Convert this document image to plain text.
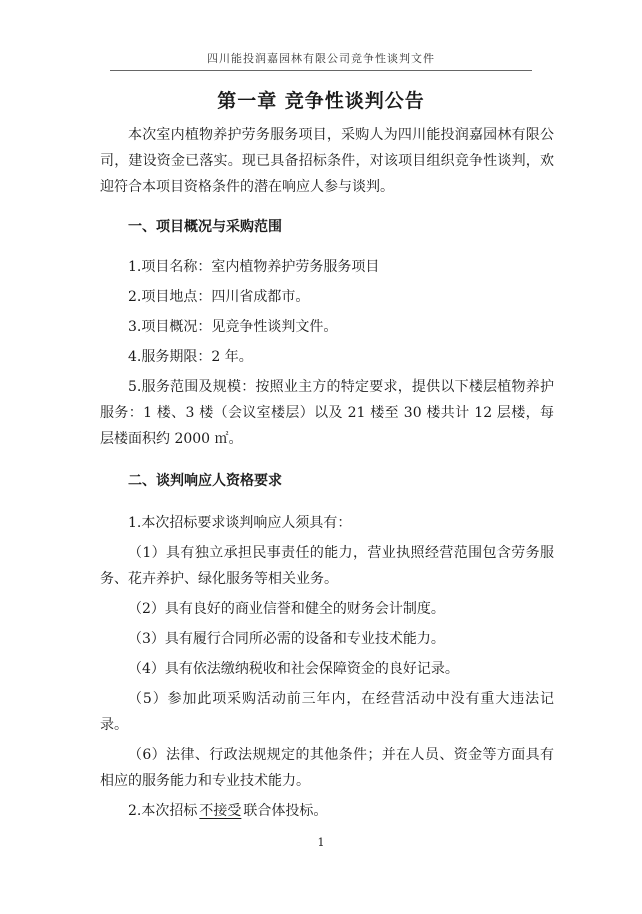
四川能投润嘉园林有限公司竞争性谈判文件
第一章 竞争性谈判公告

本次室内植物养护劳务服务项目，采购人为四川能投润嘉园林有限公司，建设资金已落实。现已具备招标条件，对该项目组织竞争性谈判，欢迎符合本项目资格条件的潜在响应人参与谈判。

一、项目概况与采购范围

1.项目名称：室内植物养护劳务服务项目

2.项目地点：四川省成都市。

3.项目概况：见竞争性谈判文件。

4.服务期限：2 年。

5.服务范围及规模：按照业主方的特定要求，提供以下楼层植物养护服务：1 楼、3 楼（会议室楼层）以及 21 楼至 30 楼共计 12 层楼，每层楼面积约 2000 ㎡。

二、谈判响应人资格要求

1.本次招标要求谈判响应人须具有：

（1）具有独立承担民事责任的能力，营业执照经营范围包含劳务服务、花卉养护、绿化服务等相关业务。

（2）具有良好的商业信誉和健全的财务会计制度。

（3）具有履行合同所必需的设备和专业技术能力。

（4）具有依法缴纳税收和社会保障资金的良好记录。

（5）参加此项采购活动前三年内，在经营活动中没有重大违法记录。

（6）法律、行政法规规定的其他条件；并在人员、资金等方面具有相应的服务能力和专业技术能力。

2.本次招标 不接受 联合体投标。

1
